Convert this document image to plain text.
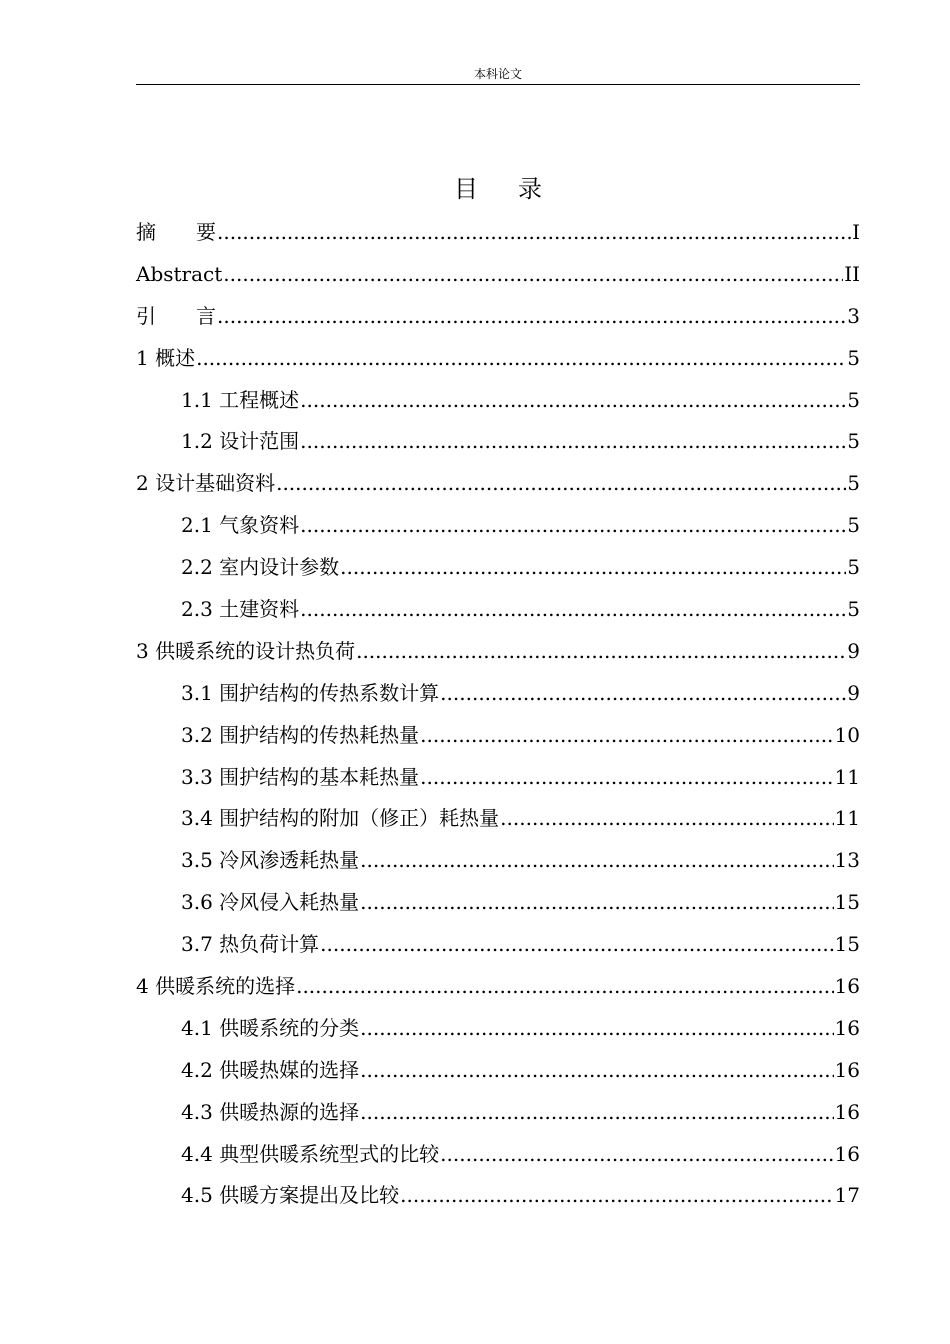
本科论文
目 录
摘　　要 .....	I
Abstract .....	II
引　　言 .....	3
1 概述 .....	5
1.1 工程概述 .....	5
1.2 设计范围 .....	5
2 设计基础资料 .....	5
2.1 气象资料 .....	5
2.2 室内设计参数 .....	5
2.3 土建资料 .....	5
3 供暖系统的设计热负荷 .....	9
3.1 围护结构的传热系数计算 .....	9
3.2 围护结构的传热耗热量 .....	10
3.3 围护结构的基本耗热量 .....	11
3.4 围护结构的附加（修正）耗热量 .....	11
3.5 冷风渗透耗热量 .....	13
3.6 冷风侵入耗热量 .....	15
3.7 热负荷计算 .....	15
4 供暖系统的选择 .....	16
4.1 供暖系统的分类 .....	16
4.2 供暖热媒的选择 .....	16
4.3 供暖热源的选择 .....	16
4.4 典型供暖系统型式的比较 .....	16
4.5 供暖方案提出及比较 .....	17
